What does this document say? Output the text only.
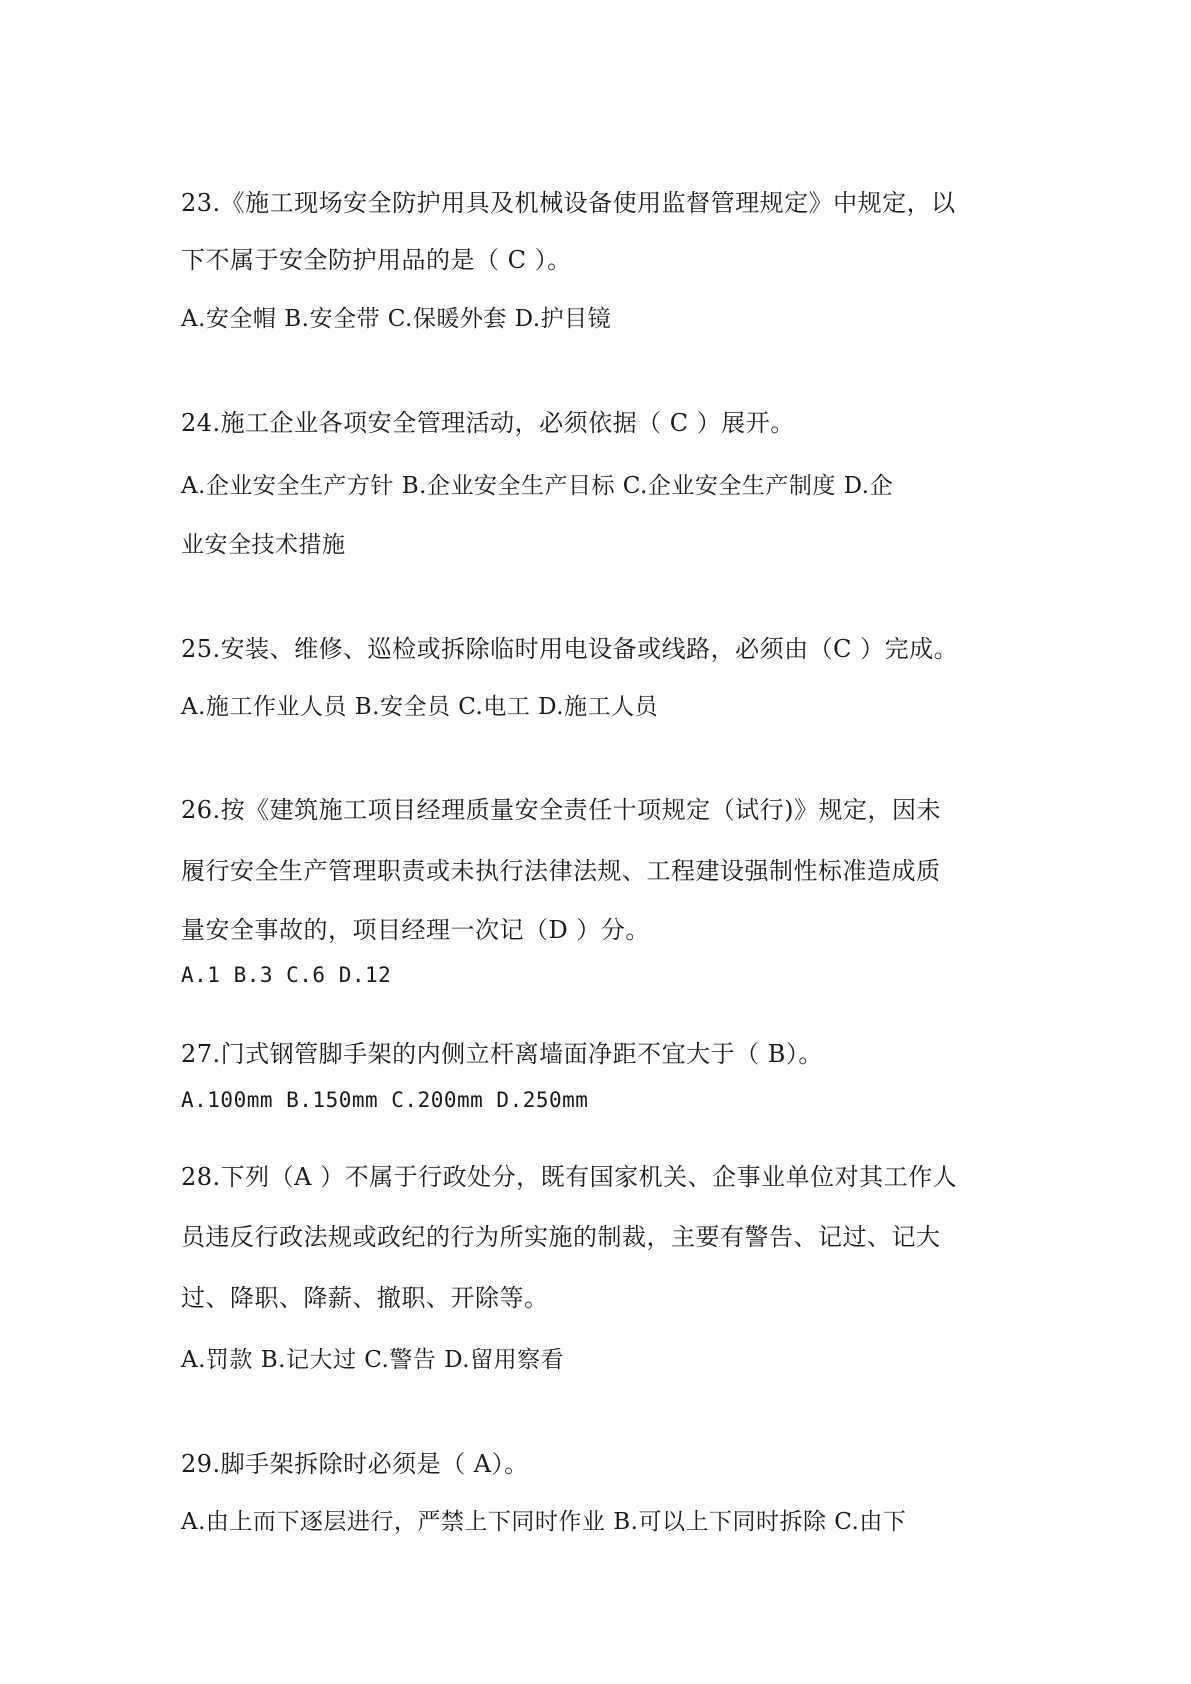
23.《施工现场安全防护用具及机械设备使用监督管理规定》中规定，以
下不属于安全防护用品的是（ C ）。
A.安全帽 B.安全带 C.保暖外套 D.护目镜
24.施工企业各项安全管理活动，必须依据（ C ）展开。
A.企业安全生产方针 B.企业安全生产目标 C.企业安全生产制度 D.企
业安全技术措施
25.安装、维修、巡检或拆除临时用电设备或线路，必须由（C ）完成。
A.施工作业人员 B.安全员 C.电工 D.施工人员
26.按《建筑施工项目经理质量安全责任十项规定（试行)》规定，因未
履行安全生产管理职责或未执行法律法规、工程建设强制性标准造成质
量安全事故的，项目经理一次记（D ）分。
A.1 B.3 C.6 D.12
27.门式钢管脚手架的内侧立杆离墙面净距不宜大于（ B）。
A.100mm B.150mm C.200mm D.250mm
28.下列（A ）不属于行政处分，既有国家机关、企事业单位对其工作人
员违反行政法规或政纪的行为所实施的制裁，主要有警告、记过、记大
过、降职、降薪、撤职、开除等。
A.罚款 B.记大过 C.警告 D.留用察看
29.脚手架拆除时必须是（ A）。
A.由上而下逐层进行，严禁上下同时作业 B.可以上下同时拆除 C.由下
